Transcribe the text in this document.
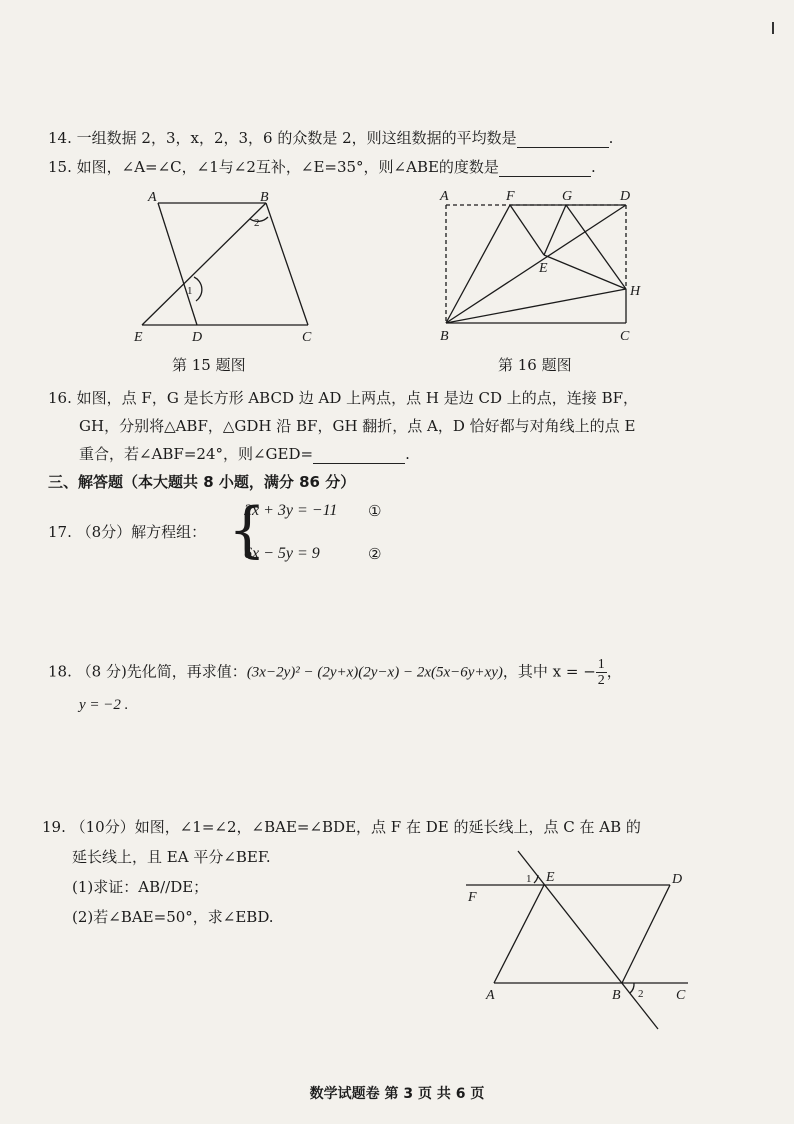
14. 一组数据 2，3，x，2，3，6 的众数是 2，则这组数据的平均数是	.
15. 如图，∠A=∠C，∠1与∠2互补，∠E=35°，则∠ABE的度数是	.
A	B
C
D
E
1
2
第 15 题图
A	F	G	D
E
H
B	C
第 16 题图
16. 如图，点 F，G 是长方形 ABCD 边 AD 上两点，点 H 是边 CD 上的点，连接 BF，
GH，分别将△ABF，△GDH 沿 BF，GH 翻折，点 A，D 恰好都与对角线上的点 E
重合，若∠ABF=24°，则∠GED=	.
三、解答题（本大题共 8 小题，满分 86 分）
17. （8分）解方程组： {
2x + 3y = −11
6x − 5y = 9
①
②
18. （8 分)先化简，再求值：(3x−2y)² − (2y+x)(2y−x) − 2x(5x−6y+xy)，其中 x = − $\frac{1}{2}$ ，
y = −2 .
19. （10分）如图，∠1=∠2，∠BAE=∠BDE，点 F 在 DE 的延长线上，点 C 在 AB 的
延长线上，且 EA 平分∠BEF.
(1)求证：AB//DE；
(2)若∠BAE=50°，求∠EBD.
F
E	D
A	B	C
1
2
数学试题卷 第 3 页 共 6 页
